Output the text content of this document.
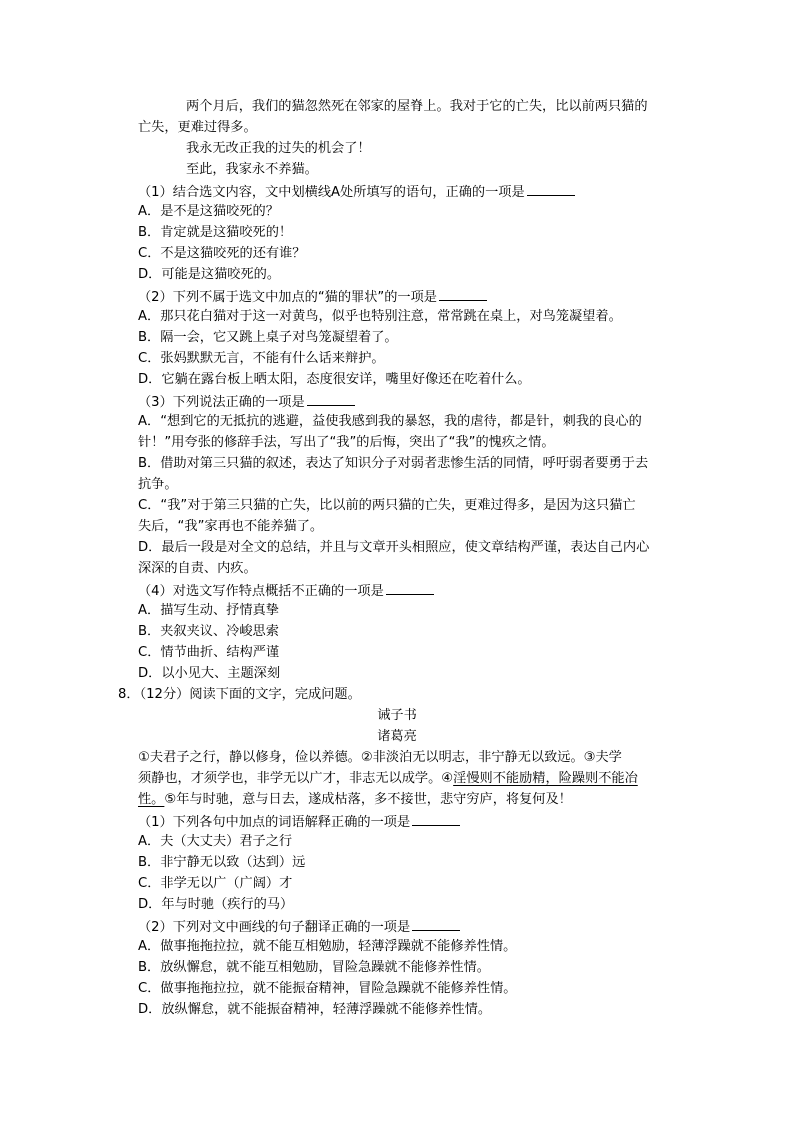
两个月后，我们的猫忽然死在邻家的屋脊上。我对于它的亡失，比以前两只猫的
亡失，更难过得多。
我永无改正我的过失的机会了！
至此，我家永不养猫。
（1）结合选文内容，文中划横线A处所填写的语句，正确的一项是
A．是不是这猫咬死的？
B．肯定就是这猫咬死的！
C．不是这猫咬死的还有谁？
D．可能是这猫咬死的。
（2）下列不属于选文中加点的“猫的罪状”的一项是
A．那只花白猫对于这一对黄鸟，似乎也特别注意，常常跳在桌上，对鸟笼凝望着。
B．隔一会，它又跳上桌子对鸟笼凝望着了。
C．张妈默默无言，不能有什么话来辩护。
D．它躺在露台板上晒太阳，态度很安详，嘴里好像还在吃着什么。
（3）下列说法正确的一项是
A．“想到它的无抵抗的逃避，益使我感到我的暴怒，我的虐待，都是针，刺我的良心的
针！”用夸张的修辞手法，写出了“我”的后悔，突出了“我”的愧疚之情。
B．借助对第三只猫的叙述，表达了知识分子对弱者悲惨生活的同情，呼吁弱者要勇于去
抗争。
C．“我”对于第三只猫的亡失，比以前的两只猫的亡失，更难过得多，是因为这只猫亡
失后，“我”家再也不能养猫了。
D．最后一段是对全文的总结，并且与文章开头相照应，使文章结构严谨，表达自己内心
深深的自责、内疚。
（4）对选文写作特点概括不正确的一项是
A．描写生动、抒情真挚
B．夹叙夹议、冷峻思索
C．情节曲折、结构严谨
D．以小见大、主题深刻
8．（12分）阅读下面的文字，完成问题。
诫子书
诸葛亮
①夫君子之行，静以修身，俭以养德。②非淡泊无以明志，非宁静无以致远。③夫学
须静也，才须学也，非学无以广才，非志无以成学。④淫慢则不能励精，险躁则不能冶
性。⑤年与时驰，意与日去，遂成枯落，多不接世，悲守穷庐，将复何及！
（1）下列各句中加点的词语解释正确的一项是
A．夫（大丈夫）君子之行
B．非宁静无以致（达到）远
C．非学无以广（广阔）才
D．年与时驰（疾行的马）
（2）下列对文中画线的句子翻译正确的一项是
A．做事拖拖拉拉，就不能互相勉励，轻薄浮躁就不能修养性情。
B．放纵懈怠，就不能互相勉励，冒险急躁就不能修养性情。
C．做事拖拖拉拉，就不能振奋精神，冒险急躁就不能修养性情。
D．放纵懈怠，就不能振奋精神，轻薄浮躁就不能修养性情。
